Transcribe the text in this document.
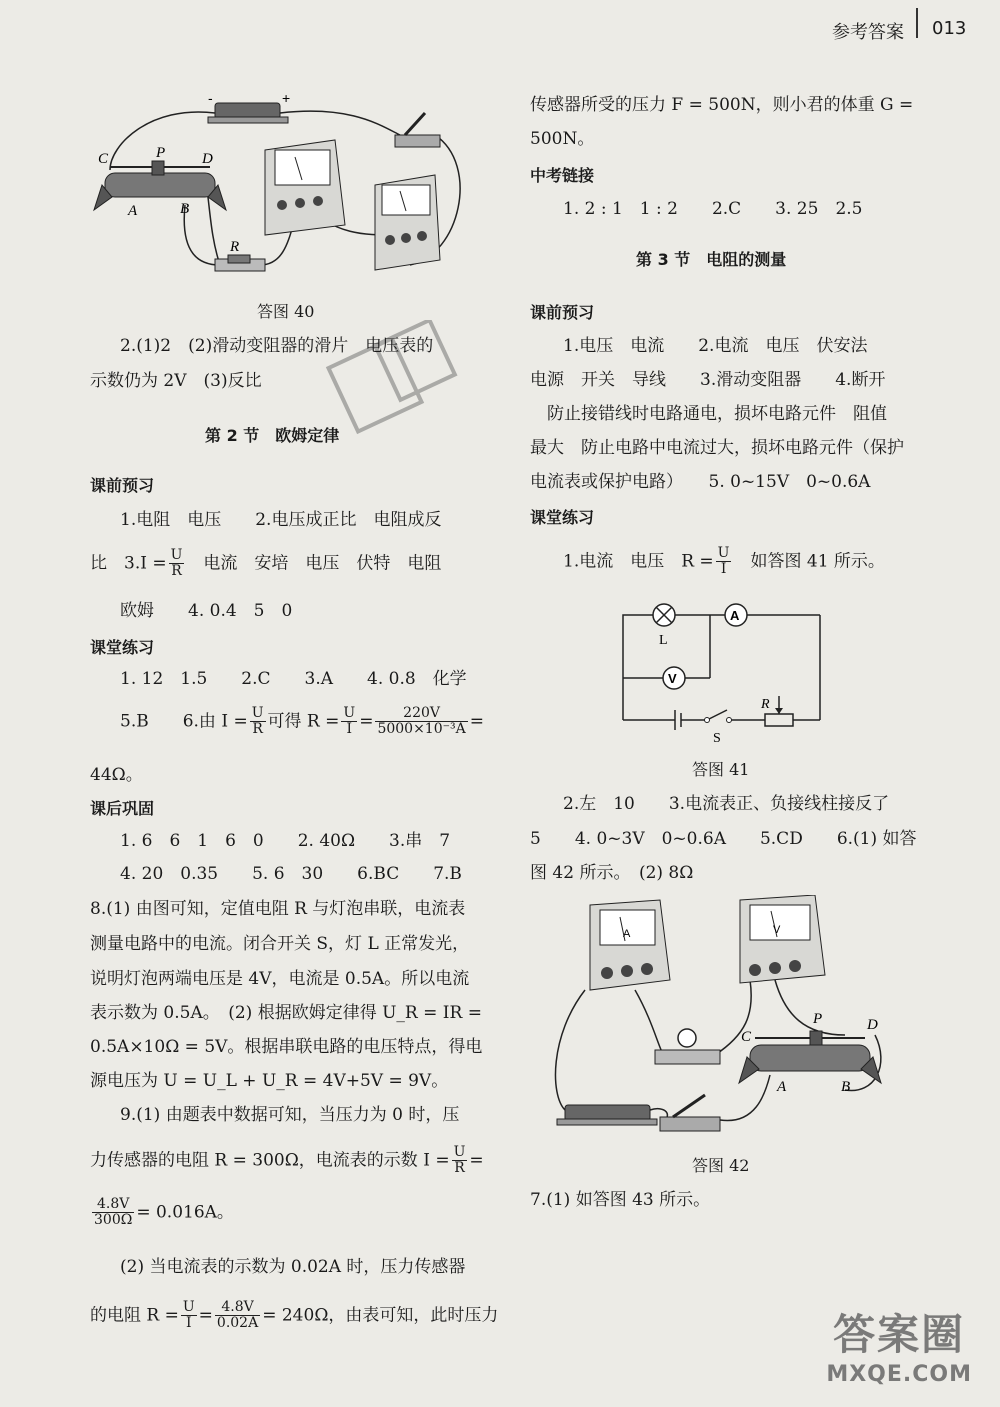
参考答案 013
-	+
C	P D
A	B
R
答图 40
2.(1)2　(2)滑动变阻器的滑片　电压表的
示数仍为 2V　(3)反比
第 2 节　欧姆定律
课前预习
1.电阻　电压　　2.电压成正比　电阻成反
比　$3.I = \frac{U}{R}$ 　电流　安培　电压　伏特　电阻
欧姆　　4. 0.4　5　0
课堂练习
1. 12　1.5　　2.C　　3.A　　4. 0.8　化学
5.B　　6.由 $I = \frac{U}{R}$ 可得 $R = \frac{U}{I} = \frac{220V}{\text{5000×10⁻³A}}$ =
44Ω。
课后巩固
1. 6　6　1　6　0　　2. 40Ω　　3.串　7
4. 20　0.35　　5. 6　30　　6.BC　　7.B
8.(1) 由图可知，定值电阻 R 与灯泡串联，电流表
测量电路中的电流。闭合开关 S，灯 L 正常发光，
说明灯泡两端电压是 4V，电流是 0.5A。所以电流
表示数为 0.5A。　(2) 根据欧姆定律得 U_R = IR =
0.5A×10Ω = 5V。根据串联电路的电压特点，得电
源电压为 U = U_L + U_R = 4V+5V = 9V。
9.(1) 由题表中数据可知，当压力为 0 时，压
力传感器的电阻 R = 300Ω，电流表的示数 $I = \frac{U}{R}$ =
$\frac{4.8V}{300\Omega} = 0.016A$。
(2) 当电流表的示数为 0.02A 时，压力传感器
的电阻 $R = \frac{U}{I} = \frac{4.8V}{0.02A} = 240\Omega$，由表可知，此时压力
传感器所受的压力 F = 500N，则小君的体重 G =
500N。
中考链接
1. 2 : 1　1 : 2　　2.C　　3. 25　2.5
第 3 节　电阻的测量
课前预习
1.电压　电流　　2.电流　电压　伏安法
电源　开关　导线　　3.滑动变阻器　　4.断开
防止接错线时电路通电，损坏电路元件　阻值
最大　防止电路中电流过大，损坏电路元件（保护
电流表或保护电路）　　5. 0~15V　0~0.6A
课堂练习
1.电流　电压　$R = \frac{U}{I}$ 　如答图 41 所示。
L
A
V
S
R
答图 41
2.左　10　　3.电流表正、负接线柱接反了
5　　4. 0~3V　0~0.6A　　5.CD　　6.(1) 如答
图 42 所示。　(2) 8Ω
A	V
C
P	D
A	B
答图 42
7.(1) 如答图 43 所示。
答案圈
MXQE.COM
